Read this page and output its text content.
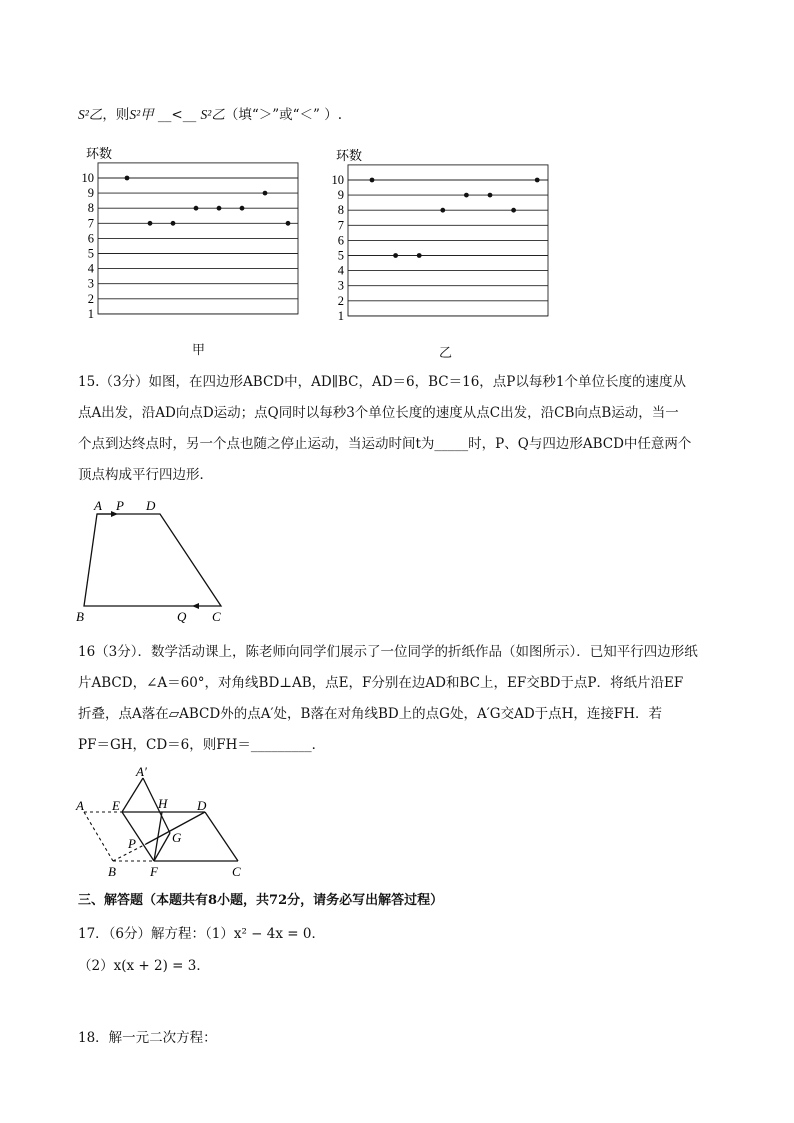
S²乙，则S²甲 __<__ S²乙（填“＞”或“＜” ）.
环数
10
9
8
7
6
5
4
3
2
1
甲
环数
10
9
8
7
6
5
4
3
2
1
乙
15.（3分）如图，在四边形ABCD中，AD∥BC，AD＝6，BC＝16，点P以每秒1个单位长度的速度从
点A出发，沿AD向点D运动；点Q同时以每秒3个单位长度的速度从点C出发，沿CB向点B运动，当一
个点到达终点时，另一个点也随之停止运动，当运动时间t为_____时，P、Q与四边形ABCD中任意两个
顶点构成平行四边形．
A P D
B	Q C
16（3分）．数学活动课上，陈老师向同学们展示了一位同学的折纸作品（如图所示）．已知平行四边形纸
片ABCD，∠A＝60°，对角线BD⊥AB，点E，F分别在边AD和BC上，EF交BD于点P．将纸片沿EF
折叠，点A落在▱ABCD外的点A′处，B落在对角线BD上的点G处，A′G交AD于点H，连接FH．若
PF＝GH，CD＝6，则FH＝_________．
A′
A E	H D
G
P
B	F	C
三、解答题（本题共有8小题，共72分，请务必写出解答过程）
17．（6分）解方程：（1）x² − 4x = 0．
（2）x(x + 2) = 3．
18．解一元二次方程：
